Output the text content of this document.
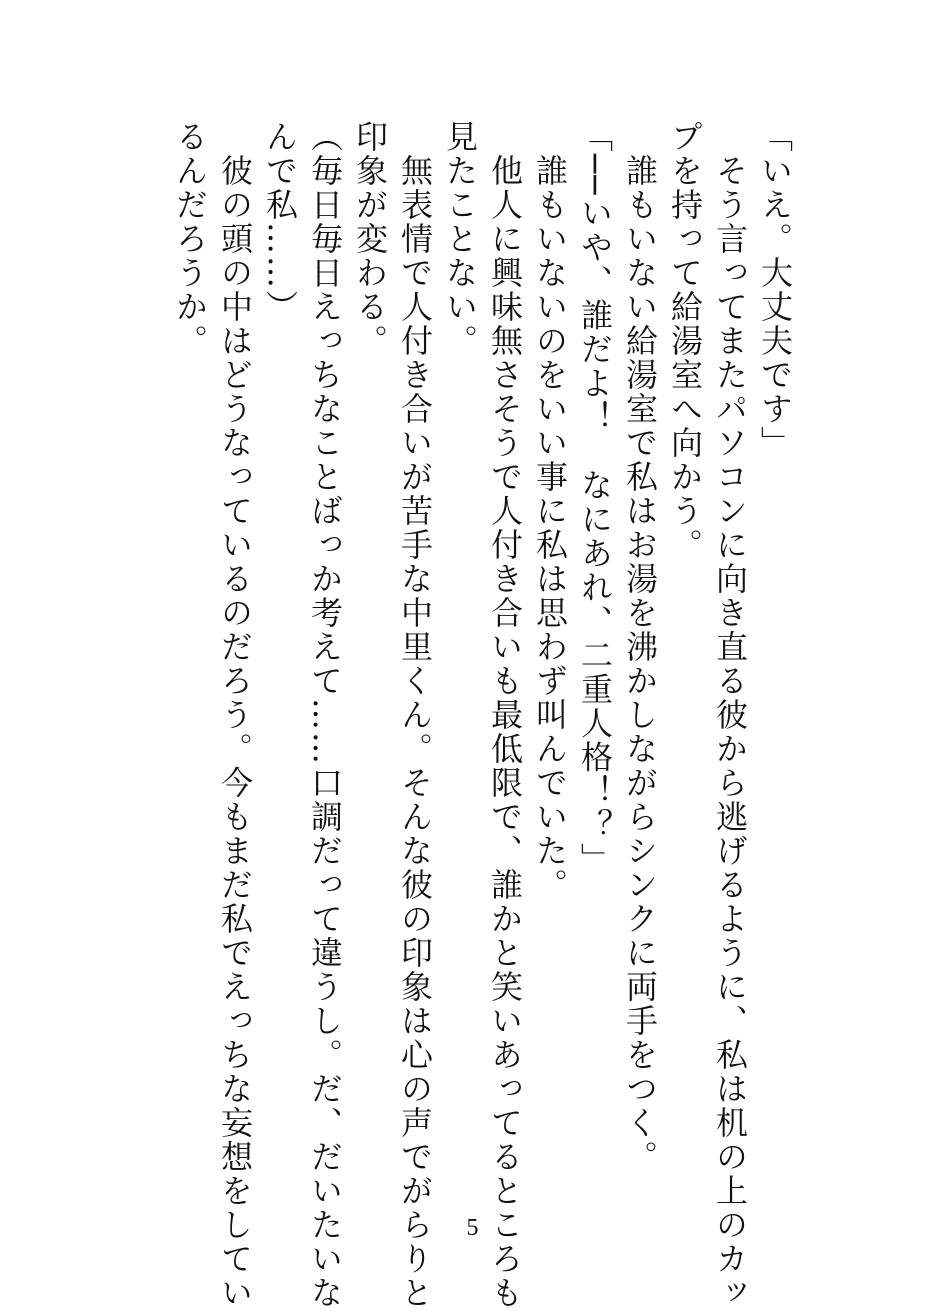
「いえ。大丈夫です」
　そう言ってまたパソコンに向き直る彼から逃げるように、私は机の上のカッ
プを持って給湯室へ向かう。
　誰もいない給湯室で私はお湯を沸かしながらシンクに両手をつく。
「──いや、誰だよ！　なにあれ、二重人格！？」
　誰もいないのをいい事に私は思わず叫んでいた。
　他人に興味無さそうで人付き合いも最低限で、誰かと笑いあってるところも
見たことない。
　無表情で人付き合いが苦手な中里くん。そんな彼の印象は心の声でがらりと
印象が変わる。
（毎日毎日えっちなことばっか考えて……口調だって違うし。だ、だいたいな
んで私……）
　彼の頭の中はどうなっているのだろう。今もまだ私でえっちな妄想をしてい
るんだろうか。
5
